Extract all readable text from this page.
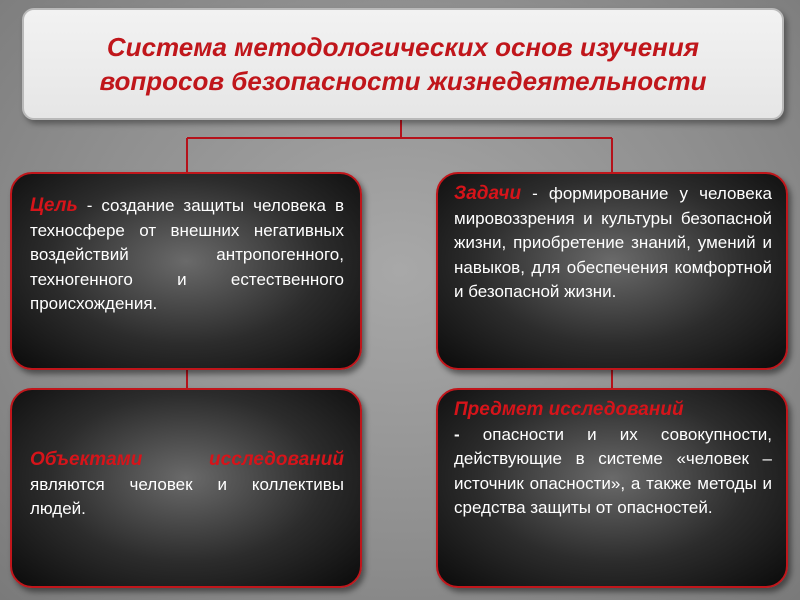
Система методологических основ изучения вопросов безопасности жизнедеятельности
Цель - создание защиты человека в техносфере от внешних негативных воздействий антропогенного, техногенного и естественного происхождения.
Задачи - формирование у человека мировоззрения и культуры безопасной жизни, приобретение знаний, умений и навыков, для обеспечения комфортной и безопасной жизни.
Объектами исследований являются человек и коллективы людей.
Предмет исследований
- опасности и их совокупности, действующие в системе «человек – источник опасности», а также методы и средства защиты от опасностей.
